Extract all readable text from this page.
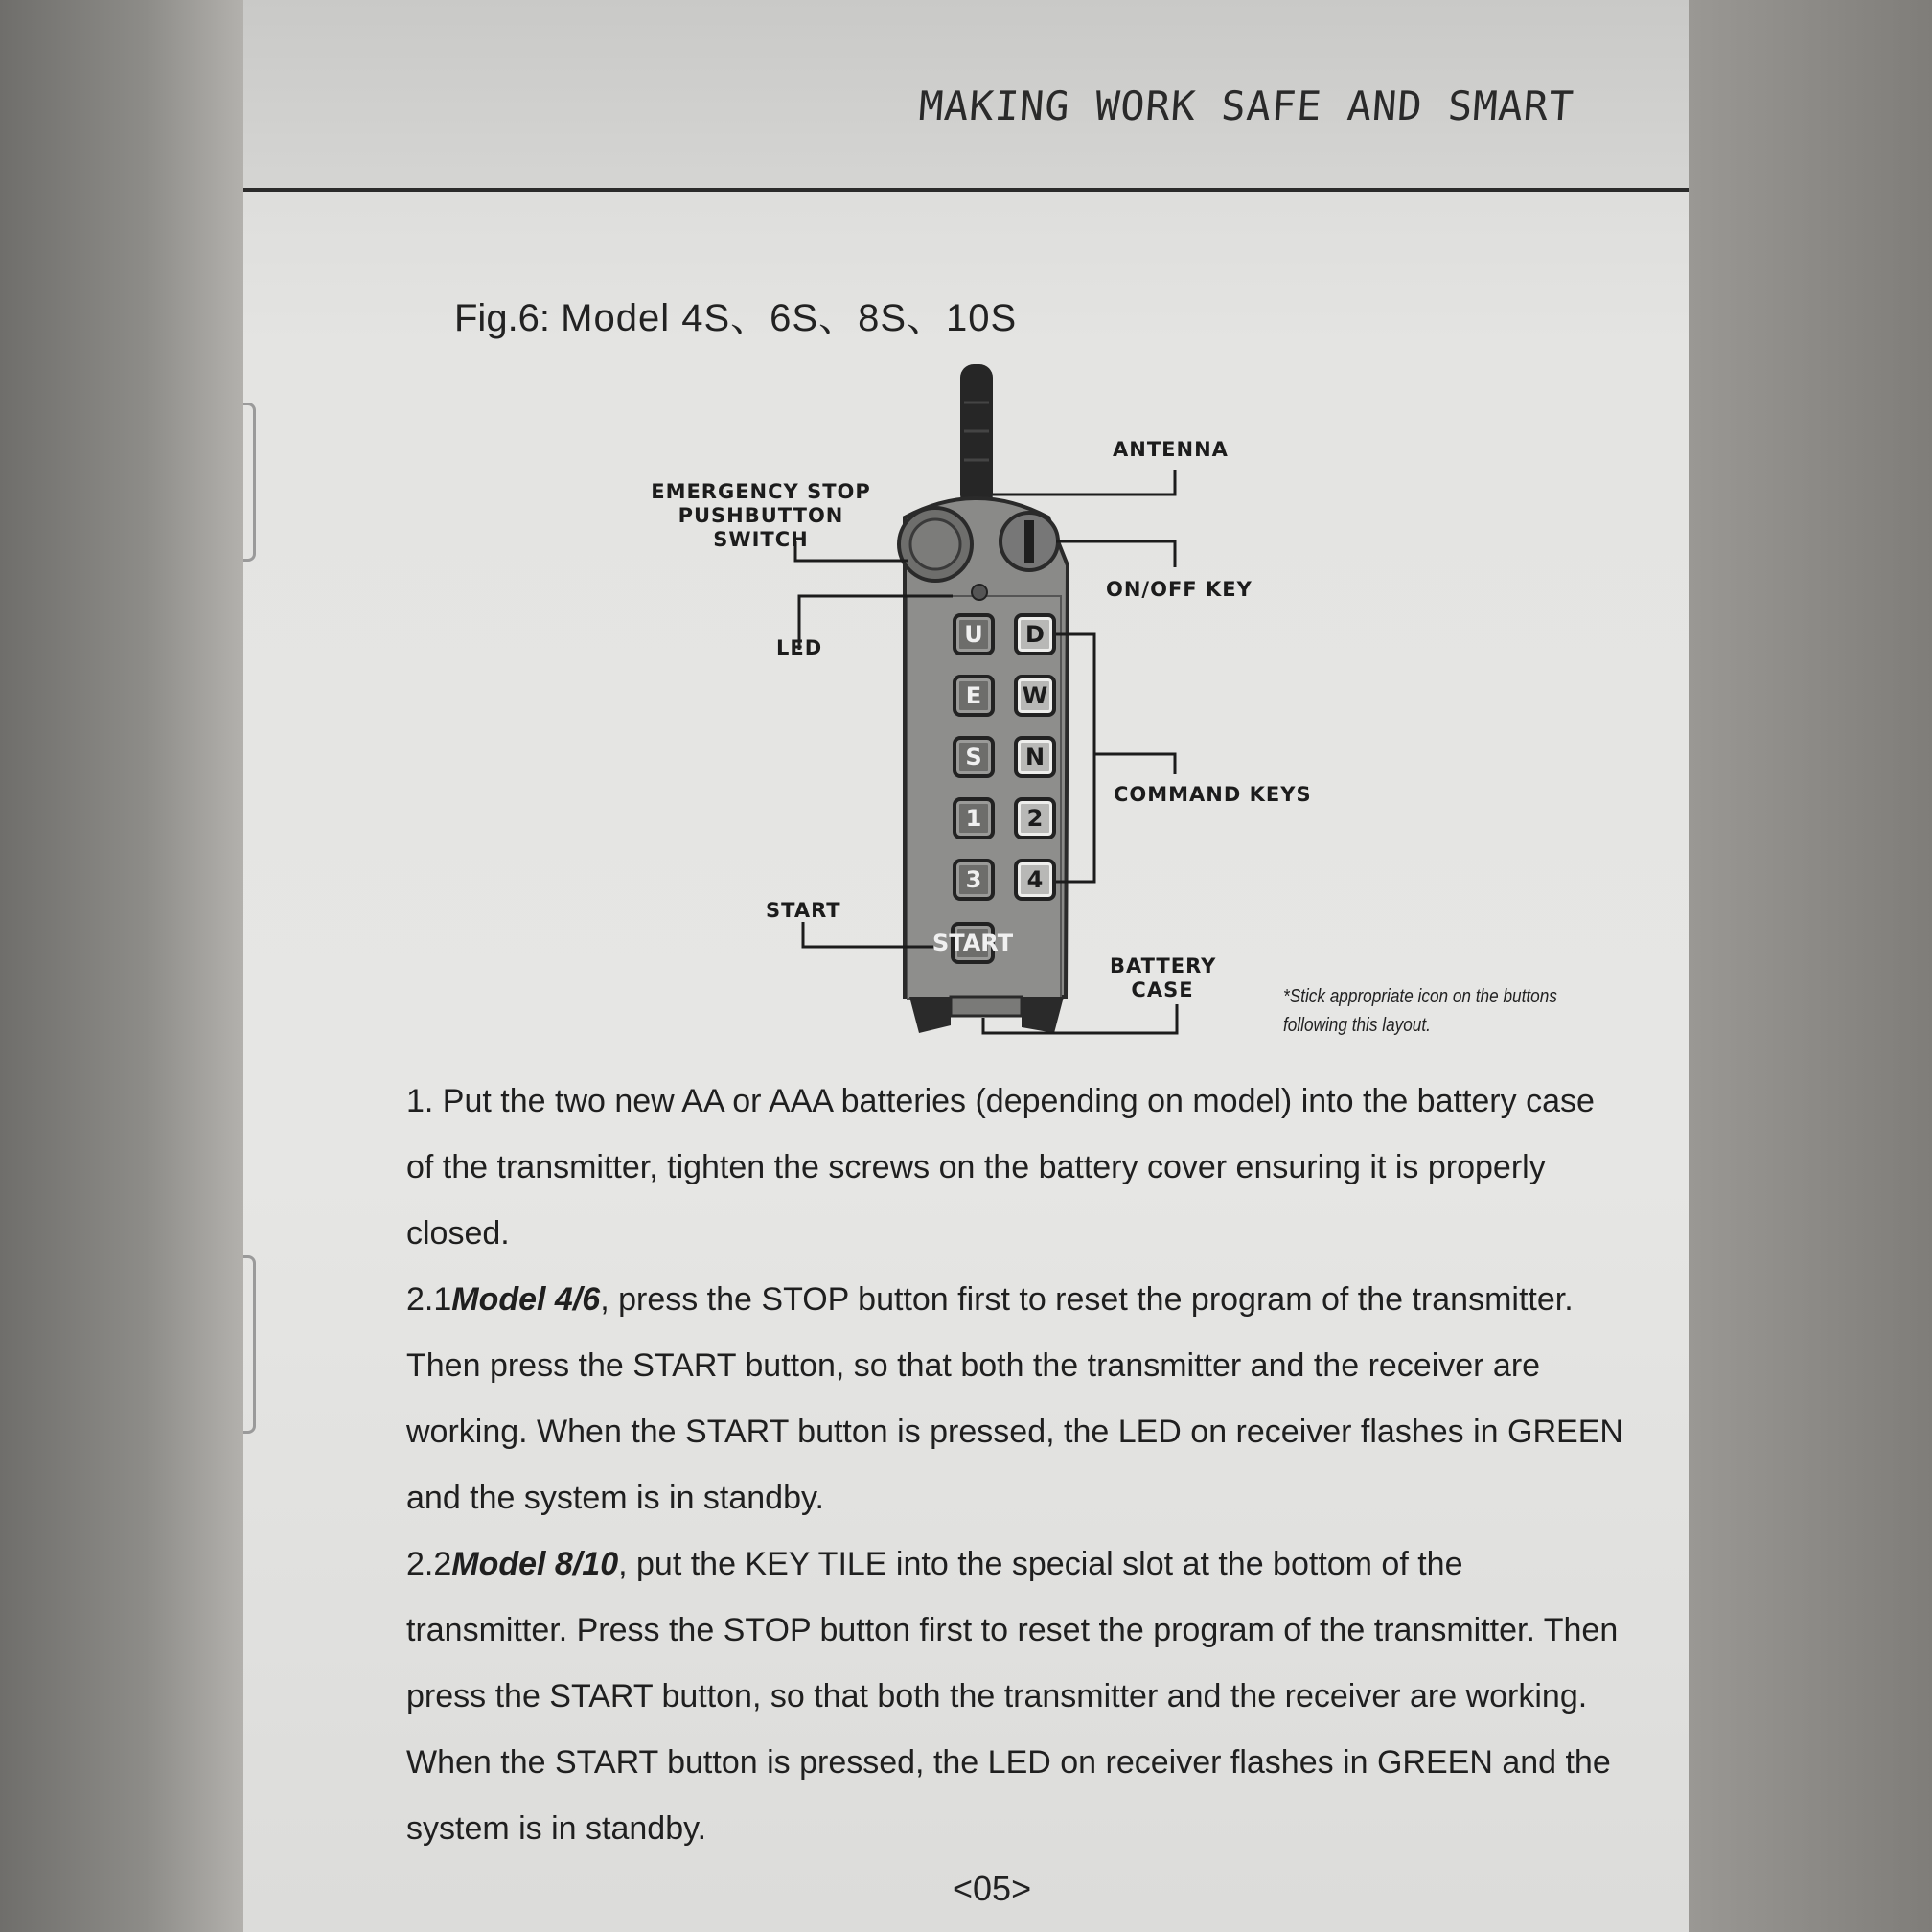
MAKING WORK SAFE AND SMART
Fig.6: Model 4S、6S、8S、10S
U
E
S
1
3
D
W
N
2
4
START
ANTENNA
EMERGENCY STOP
PUSHBUTTON SWITCH
ON/OFF KEY
LED
COMMAND KEYS
START
BATTERY
CASE	*Stick appropriate icon on the buttons
following this layout.

1. Put the two new AA or AAA batteries (depending on model) into the battery case of the transmitter, tighten the screws on the battery cover ensuring it is properly closed.

2.1Model 4/6, press the STOP button first to reset the program of the transmitter. Then press the START button, so that both the transmitter and the receiver are working. When the START button is pressed, the LED on receiver flashes in GREEN and the system is in standby.

2.2Model 8/10, put the KEY TILE into the special slot at the bottom of the transmitter. Press the STOP button first to reset the program of the transmitter. Then press the START button, so that both the transmitter and the receiver are working. When the START button is pressed, the LED on receiver flashes in GREEN and the system is in standby.

<05>
